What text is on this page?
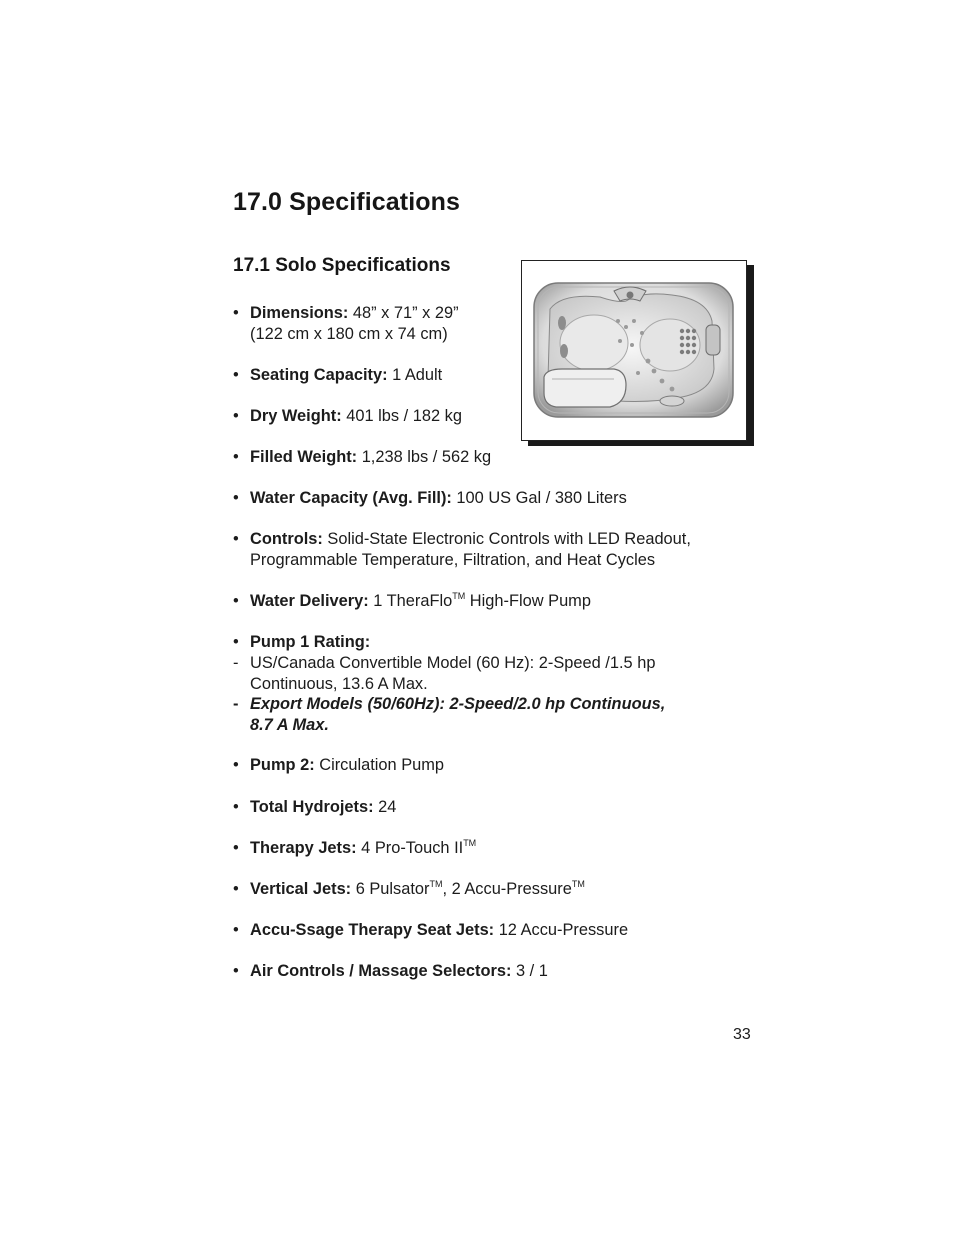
17.0 Specifications
17.1 Solo Specifications
• Dimensions: 48” x 71” x 29”
(122 cm x 180 cm x 74 cm)
• Seating Capacity: 1 Adult
• Dry Weight: 401 lbs / 182 kg
• Filled Weight: 1,238 lbs / 562 kg
• Water Capacity (Avg. Fill): 100 US Gal / 380 Liters
• Controls: Solid-State Electronic Controls with LED Readout,
Programmable Temperature, Filtration, and Heat Cycles
• Water Delivery: 1 TheraFlo™ High-Flow Pump
• Pump 1 Rating:
- US/Canada Convertible Model (60 Hz): 2-Speed /1.5 hp
Continuous, 13.6 A Max.
- Export Models (50/60Hz): 2-Speed/2.0 hp Continuous,
8.7 A Max.
• Pump 2: Circulation Pump
• Total Hydrojets: 24
• Therapy Jets: 4 Pro-Touch II™
• Vertical Jets: 6 Pulsator™, 2 Accu-Pressure™
• Accu-Ssage Therapy Seat Jets: 12 Accu-Pressure
• Air Controls / Massage Selectors: 3 / 1
33
